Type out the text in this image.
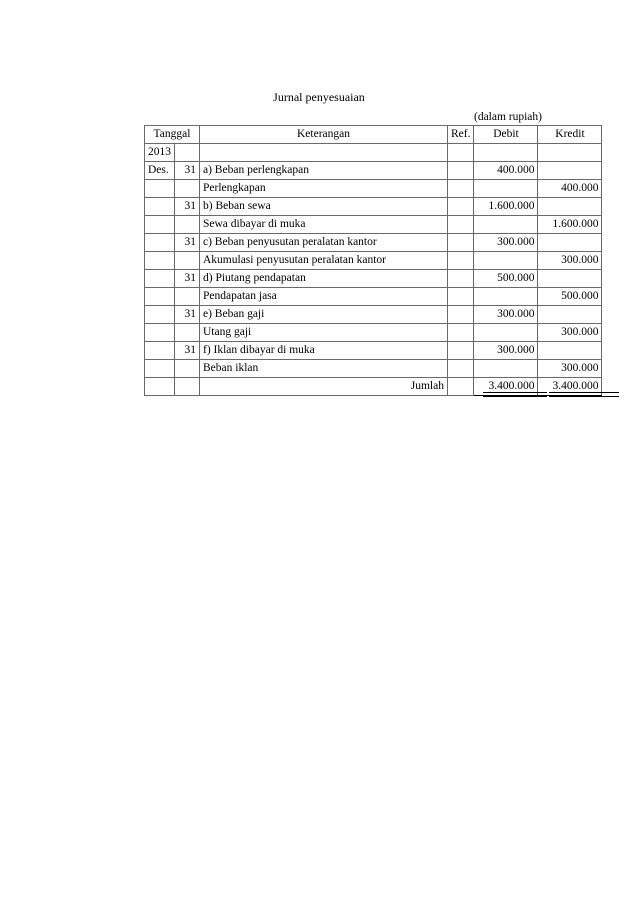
Jurnal penyesuaian
(dalam rupiah)
Tanggal		Keterangan	Ref.	Debit	Kredit
2013					
Des.	31	a) Beban perlengkapan		400.000	
		Perlengkapan			400.000
	31	b) Beban sewa		1.600.000	
		Sewa dibayar di muka			1.600.000
	31	c) Beban penyusutan peralatan kantor		300.000	
		Akumulasi penyusutan peralatan kantor			300.000
	31	d) Piutang pendapatan		500.000	
		Pendapatan jasa			500.000
	31	e) Beban gaji		300.000	
		Utang gaji			300.000
	31	f) Iklan dibayar di muka		300.000	
		Beban iklan			300.000
		Jumlah		3.400.000	3.400.000
